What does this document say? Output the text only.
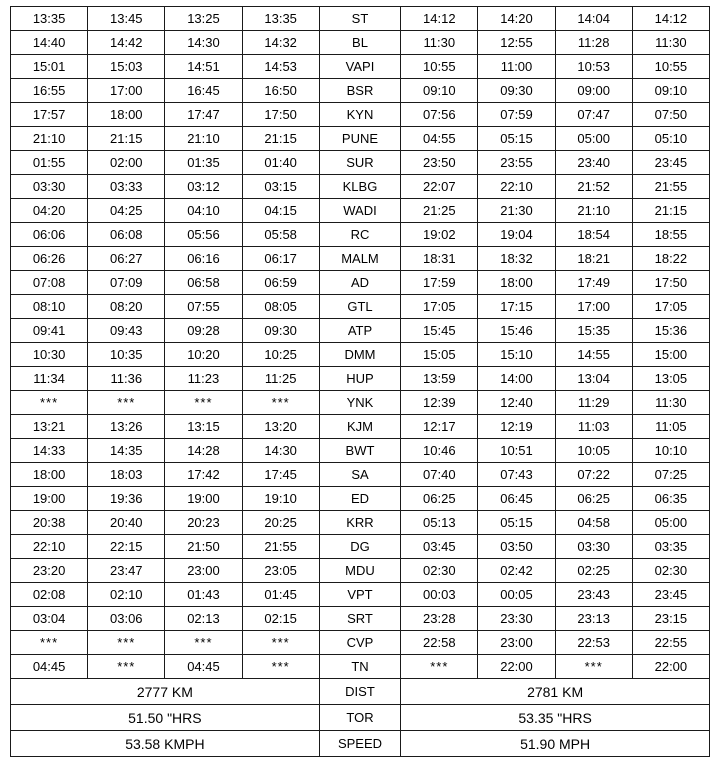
13:35	13:45	13:25	13:35	ST	14:12	14:20	14:04	14:12
14:40	14:42	14:30	14:32	BL	11:30	12:55	11:28	11:30
15:01	15:03	14:51	14:53	VAPI	10:55	11:00	10:53	10:55
16:55	17:00	16:45	16:50	BSR	09:10	09:30	09:00	09:10
17:57	18:00	17:47	17:50	KYN	07:56	07:59	07:47	07:50
21:10	21:15	21:10	21:15	PUNE	04:55	05:15	05:00	05:10
01:55	02:00	01:35	01:40	SUR	23:50	23:55	23:40	23:45
03:30	03:33	03:12	03:15	KLBG	22:07	22:10	21:52	21:55
04:20	04:25	04:10	04:15	WADI	21:25	21:30	21:10	21:15
06:06	06:08	05:56	05:58	RC	19:02	19:04	18:54	18:55
06:26	06:27	06:16	06:17	MALM	18:31	18:32	18:21	18:22
07:08	07:09	06:58	06:59	AD	17:59	18:00	17:49	17:50
08:10	08:20	07:55	08:05	GTL	17:05	17:15	17:00	17:05
09:41	09:43	09:28	09:30	ATP	15:45	15:46	15:35	15:36
10:30	10:35	10:20	10:25	DMM	15:05	15:10	14:55	15:00
11:34	11:36	11:23	11:25	HUP	13:59	14:00	13:04	13:05
***	***	***	***	YNK	12:39	12:40	11:29	11:30
13:21	13:26	13:15	13:20	KJM	12:17	12:19	11:03	11:05
14:33	14:35	14:28	14:30	BWT	10:46	10:51	10:05	10:10
18:00	18:03	17:42	17:45	SA	07:40	07:43	07:22	07:25
19:00	19:36	19:00	19:10	ED	06:25	06:45	06:25	06:35
20:38	20:40	20:23	20:25	KRR	05:13	05:15	04:58	05:00
22:10	22:15	21:50	21:55	DG	03:45	03:50	03:30	03:35
23:20	23:47	23:00	23:05	MDU	02:30	02:42	02:25	02:30
02:08	02:10	01:43	01:45	VPT	00:03	00:05	23:43	23:45
03:04	03:06	02:13	02:15	SRT	23:28	23:30	23:13	23:15
***	***	***	***	CVP	22:58	23:00	22:53	22:55
04:45	***	04:45	***	TN	***	22:00	***	22:00
2777 KM				DIST	2781 KM			
51.50 "HRS				TOR	53.35 "HRS			
53.58 KMPH				SPEED	51.90 MPH			
